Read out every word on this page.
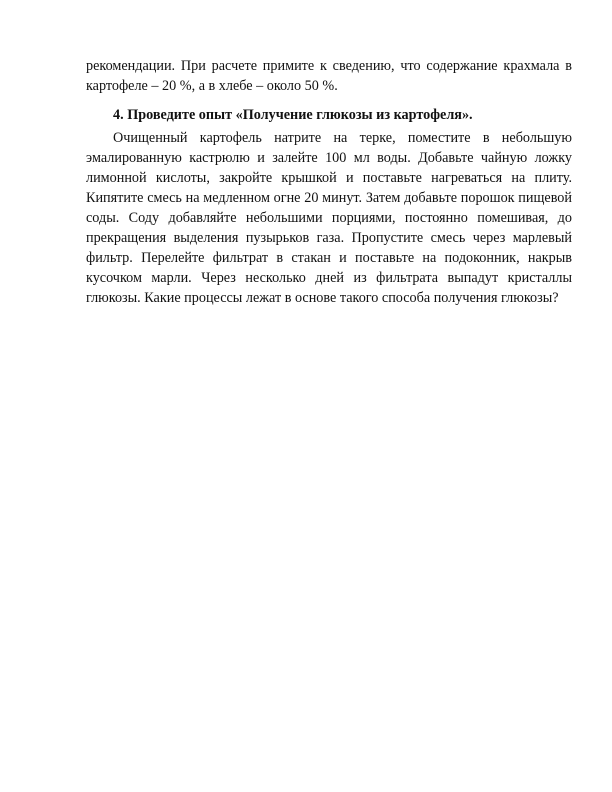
рекомендации. При расчете примите к сведению, что содержание крахмала в
картофеле – 20 %, а в хлебе – около 50 %.
4. Проведите опыт «Получение глюкозы из картофеля».
Очищенный картофель натрите на терке, поместите в небольшую
эмалированную кастрюлю и залейте 100 мл воды. Добавьте чайную ложку
лимонной кислоты, закройте крышкой и поставьте нагреваться на плиту.
Кипятите смесь на медленном огне 20 минут. Затем добавьте порошок пищевой
соды. Соду добавляйте небольшими порциями, постоянно помешивая, до
прекращения выделения пузырьков газа. Пропустите смесь через марлевый
фильтр. Перелейте фильтрат в стакан и поставьте на подоконник, накрыв
кусочком марли. Через несколько дней из фильтрата выпадут кристаллы
глюкозы. Какие процессы лежат в основе такого способа получения глюкозы?
